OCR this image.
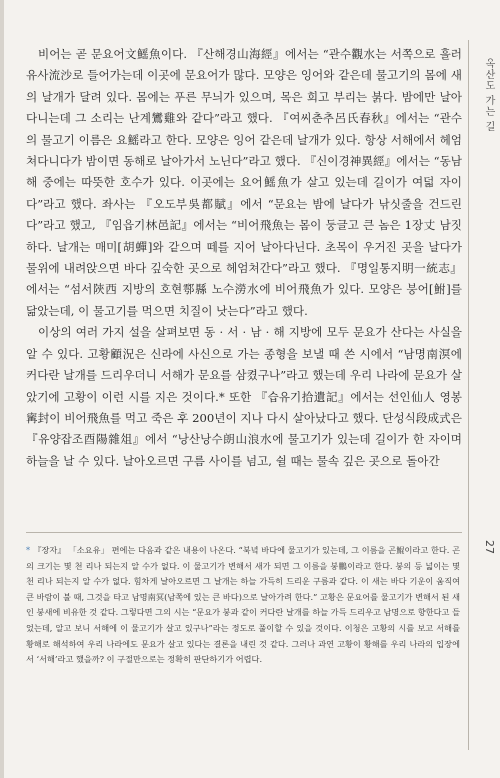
옥산도 가는 길
27

비어는 곧 문요어文鰩魚이다. 『산해경山海經』에서는 “관수觀水는 서쪽으로 흘러 유사流沙로 들어가는데 이곳에 문요어가 많다. 모양은 잉어와 같은데 물고기의 몸에 새의 날개가 달려 있다. 몸에는 푸른 무늬가 있으며, 목은 희고 부리는 붉다. 밤에만 날아다니는데 그 소리는 난계鸞雞와 같다”라고 했다. 『여씨춘추呂氏春秋』에서는 “관수의 물고기 이름은 요鰩라고 한다. 모양은 잉어 같은데 날개가 있다. 항상 서해에서 헤엄쳐다니다가 밤이면 동해로 날아가서 노닌다”라고 했다. 『신이경神異經』에서는 “동남해 중에는 따뜻한 호수가 있다. 이곳에는 요어鰩魚가 살고 있는데 길이가 여덟 자이다”라고 했다. 좌사는 『오도부吳都賦』에서 “문요는 밤에 날다가 낚싯줄을 건드린다”라고 했고, 『임읍기林邑記』에서는 “비어飛魚는 몸이 둥글고 큰 놈은 1장丈 남짓하다. 날개는 매미[胡蟬]와 같으며 떼를 지어 날아다닌다. 초목이 우거진 곳을 날다가 물위에 내려앉으면 바다 깊숙한 곳으로 헤엄쳐간다”라고 했다. 『명일통지明一統志』에서는 “섬서陝西 지방의 호현鄠縣 노수澇水에 비어飛魚가 있다. 모양은 붕어[鮒]를 닮았는데, 이 물고기를 먹으면 치질이 낫는다”라고 했다.

이상의 여러 가지 설을 살펴보면 동 · 서 · 남 · 해 지방에 모두 문요가 산다는 사실을 알 수 있다. 고황顧況은 신라에 사신으로 가는 종형을 보낼 때 쓴 시에서 “남명南溟에 커다란 날개를 드리우더니 서해가 문요를 삼켰구나”라고 했는데 우리 나라에 문요가 살았기에 고황이 이런 시를 지은 것이다.* 또한 『습유기拾遺記』에서는 선인仙人 영봉寗封이 비어飛魚를 먹고 죽은 후 200년이 지나 다시 살아났다고 했다. 단성식段成式은 『유양잡조酉陽雜俎』에서 “낭산낭수朗山浪水에 물고기가 있는데 길이가 한 자이며 하늘을 날 수 있다. 날아오르면 구름 사이를 넘고, 쉴 때는 물속 깊은 곳으로 돌아간

* 『장자』 「소요유」 편에는 다음과 같은 내용이 나온다. “북녘 바다에 물고기가 있는데, 그 이름을 곤鯤이라고 한다. 곤의 크기는 몇 천 리나 되는지 알 수가 없다. 이 물고기가 변해서 새가 되면 그 이름을 붕鵬이라고 한다. 붕의 등 넓이는 몇 천 리나 되는지 알 수가 없다. 힘차게 날아오르면 그 날개는 하늘 가득히 드리운 구름과 같다. 이 새는 바다 기운이 움직여 큰 바람이 불 때, 그것을 타고 남명南冥(남쪽에 있는 큰 바다)으로 날아가려 한다.” 고황은 문요어를 물고기가 변해서 된 새인 붕새에 비유한 것 같다. 그렇다면 그의 시는 “문요가 붕과 같이 커다란 날개를 하늘 가득 드리우고 남명으로 향한다고 들었는데, 알고 보니 서해에 이 물고기가 살고 있구나”라는 정도로 풀이할 수 있을 것이다. 이청은 고황의 시를 보고 서해를 황해로 해석하여 우리 나라에도 문요가 살고 있다는 결론을 내린 것 같다. 그러나 과연 고황이 황해를 우리 나라의 입장에서 ‘서해’라고 했을까? 이 구절만으로는 정확히 판단하기가 어렵다.
